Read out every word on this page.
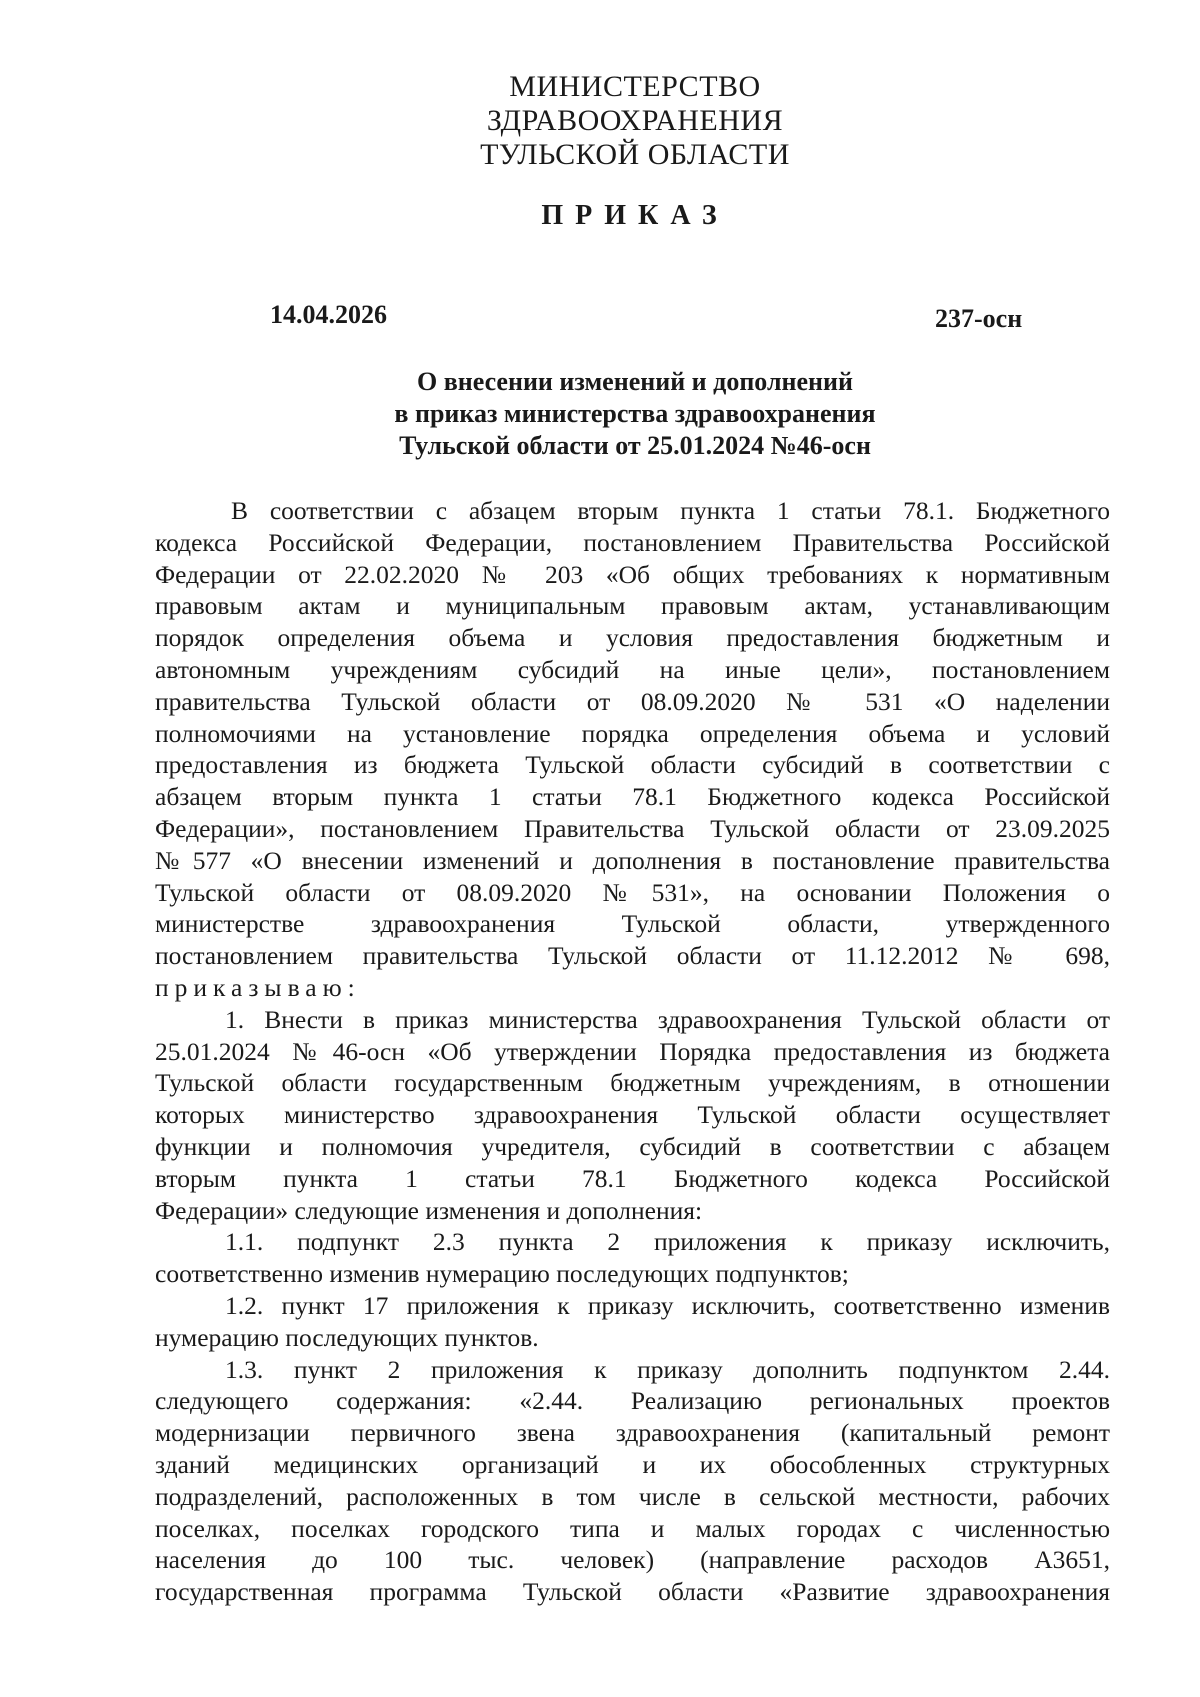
МИНИСТЕРСТВО
ЗДРАВООХРАНЕНИЯ
ТУЛЬСКОЙ ОБЛАСТИ
ПРИКАЗ
14.04.2026	237-осн
О внесении изменений и дополнений
в приказ министерства здравоохранения
Тульской области от 25.01.2024 №46-осн
В соответствии с абзацем вторым пункта 1 статьи 78.1. Бюджетного
кодекса Российской Федерации, постановлением Правительства Российской
Федерации от 22.02.2020 № 203 «Об общих требованиях к нормативным
правовым актам и муниципальным правовым актам, устанавливающим
порядок определения объема и условия предоставления бюджетным и
автономным учреждениям субсидий на иные цели», постановлением
правительства Тульской области от 08.09.2020 № 531 «О наделении
полномочиями на установление порядка определения объема и условий
предоставления из бюджета Тульской области субсидий в соответствии с
абзацем вторым пункта 1 статьи 78.1 Бюджетного кодекса Российской
Федерации», постановлением Правительства Тульской области от 23.09.2025
№577 «О внесении изменений и дополнения в постановление правительства
Тульской области от 08.09.2020 №531», на основании Положения о
министерстве здравоохранения Тульской области, утвержденного
постановлением правительства Тульской области от 11.12.2012 № 698,
приказываю:
1. Внести в приказ министерства здравоохранения Тульской области от
25.01.2024 №46-осн «Об утверждении Порядка предоставления из бюджета
Тульской области государственным бюджетным учреждениям, в отношении
которых министерство здравоохранения Тульской области осуществляет
функции и полномочия учредителя, субсидий в соответствии с абзацем
вторым пункта 1 статьи 78.1 Бюджетного кодекса Российской
Федерации» следующие изменения и дополнения:
1.1. подпункт 2.3 пункта 2 приложения к приказу исключить,
соответственно изменив нумерацию последующих подпунктов;
1.2. пункт 17 приложения к приказу исключить, соответственно изменив
нумерацию последующих пунктов.
1.3. пункт 2 приложения к приказу дополнить подпунктом 2.44.
следующего содержания: «2.44. Реализацию региональных проектов
модернизации первичного звена здравоохранения (капитальный ремонт
зданий медицинских организаций и их обособленных структурных
подразделений, расположенных в том числе в сельской местности, рабочих
поселках, поселках городского типа и малых городах с численностью
населения до 100 тыс. человек) (направление расходов А3651,
государственная программа Тульской области «Развитие здравоохранения
